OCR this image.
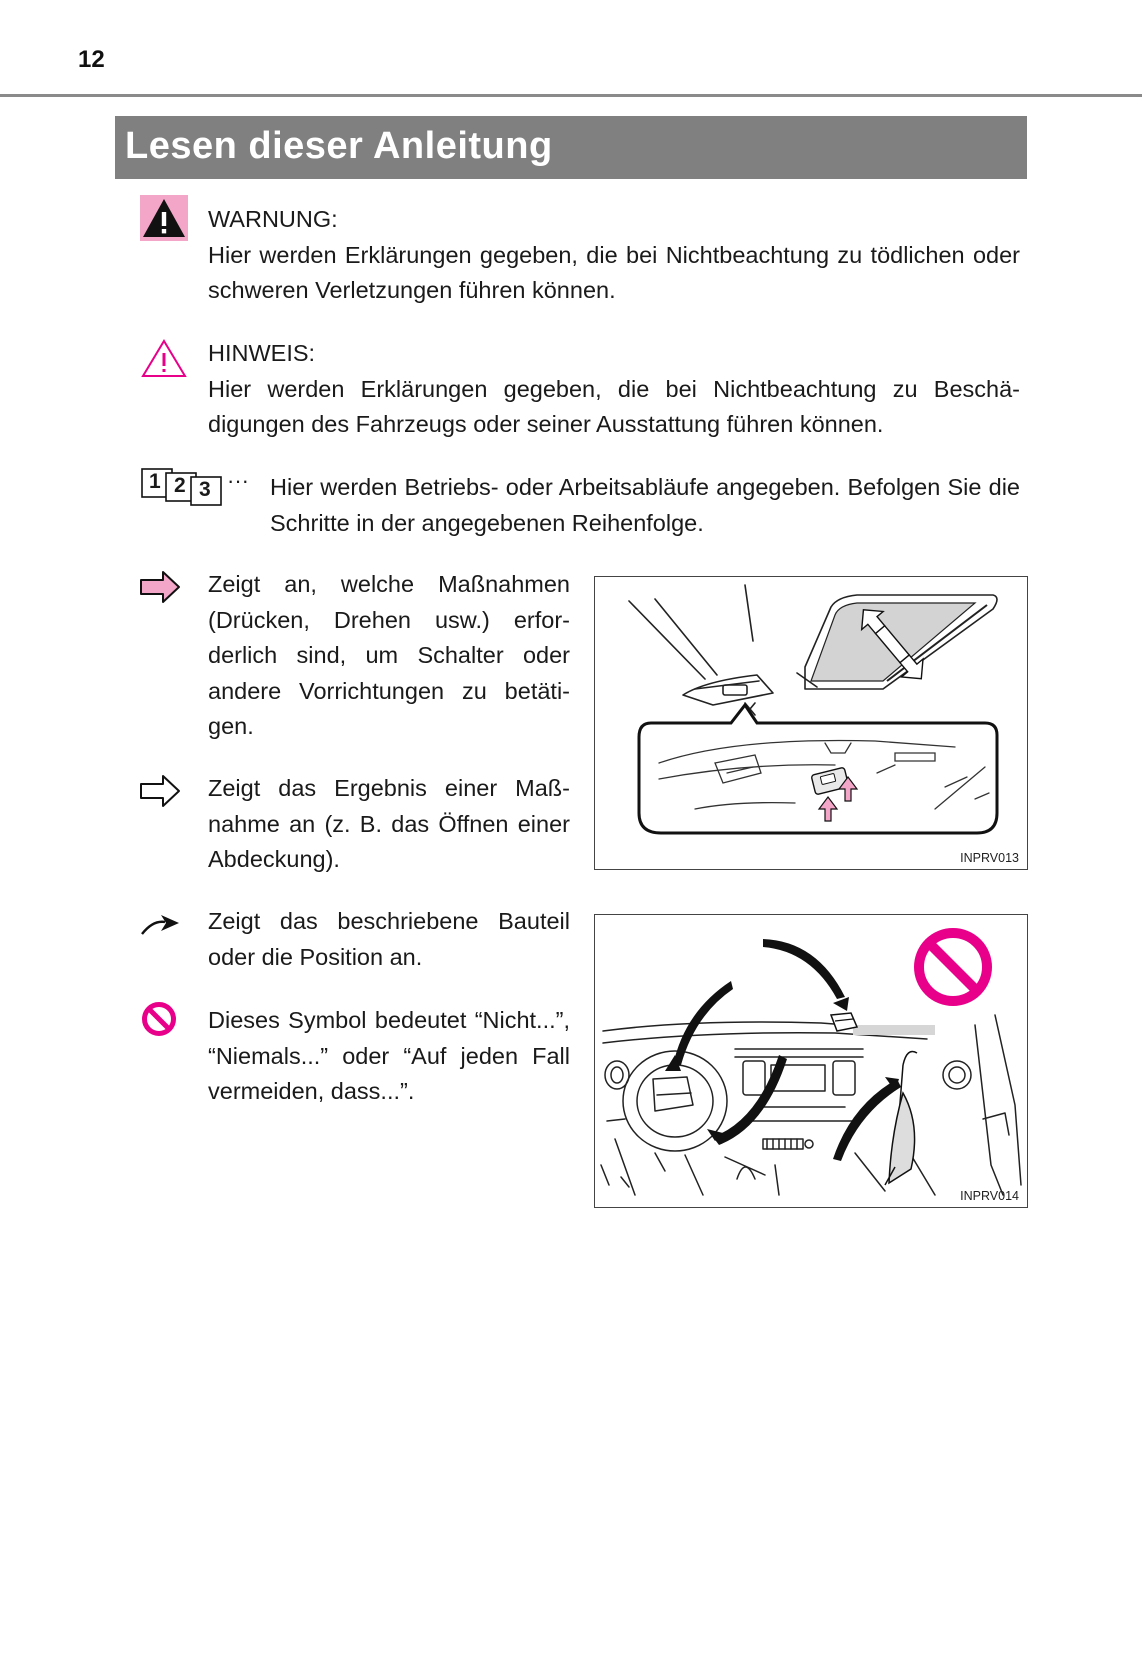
12
Lesen dieser Anleitung
WARNUNG:
Hier werden Erklärungen gegeben, die bei Nichtbeachtung zu tödlichen oder schweren Verletzungen führen können.
HINWEIS:
Hier werden Erklärungen gegeben, die bei Nichtbeachtung zu Beschä-digungen des Fahrzeugs oder seiner Ausstattung führen können.
1 2 3 ··· Hier werden Betriebs- oder Arbeitsabläufe angegeben. Befolgen Sie die Schritte in der angegebenen Reihenfolge.
Zeigt an, welche Maßnahmen (Drücken, Drehen usw.) erfor-derlich sind, um Schalter oder andere Vorrichtungen zu betäti-gen.
Zeigt das Ergebnis einer Maß-nahme an (z. B. das Öffnen einer Abdeckung).
Zeigt das beschriebene Bauteil oder die Position an.
Dieses Symbol bedeutet “Nicht...”, “Niemals...” oder “Auf jeden Fall vermeiden, dass...”.
INPRV013
INPRV014
